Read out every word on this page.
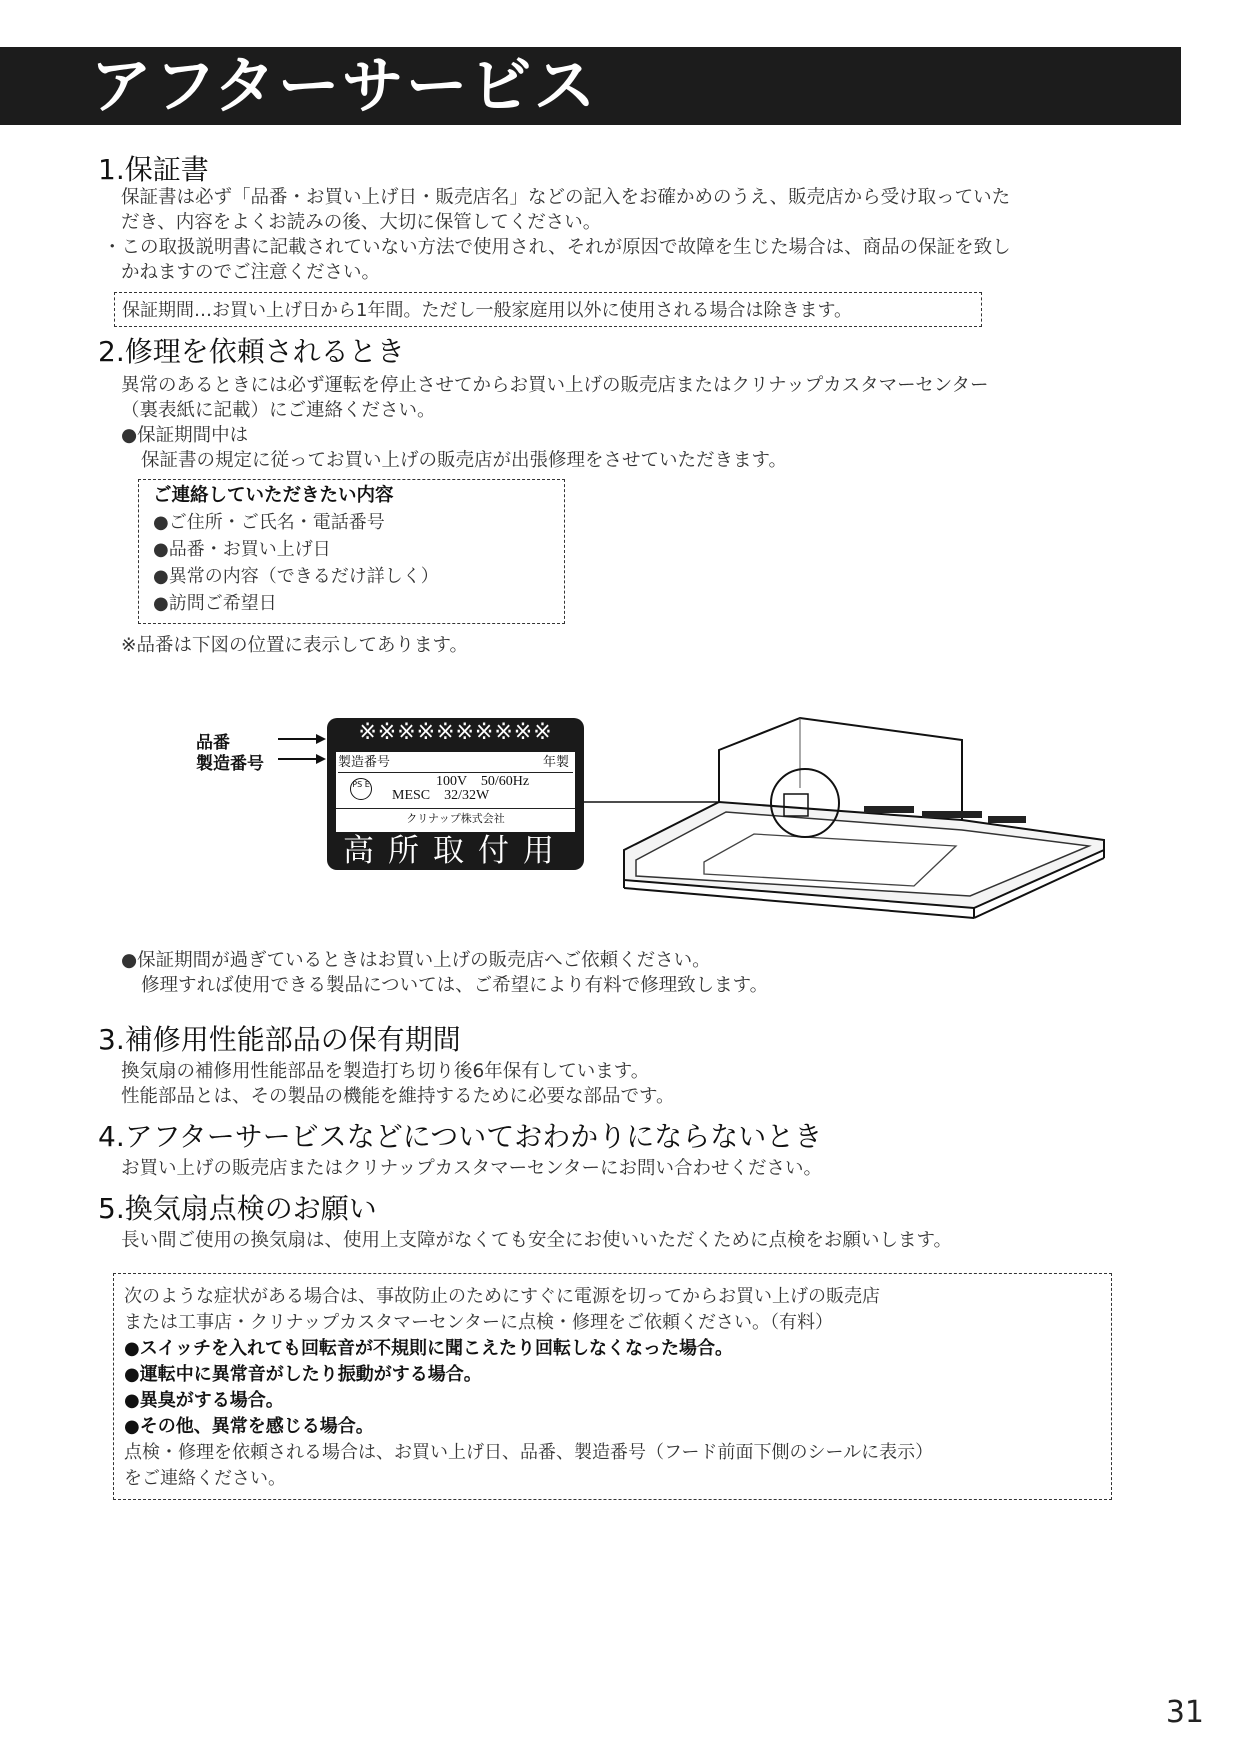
アフターサービス
1.保証書

保証書は必ず「品番・お買い上げ日・販売店名」などの記入をお確かめのうえ、販売店から受け取っていた

だき、内容をよくお読みの後、大切に保管してください。

・この取扱説明書に記載されていない方法で使用され、それが原因で故障を生じた場合は、商品の保証を致し

かねますのでご注意ください。

保証期間…お買い上げ日から1年間。ただし一般家庭用以外に使用される場合は除きます。
2.修理を依頼されるとき

異常のあるときには必ず運転を停止させてからお買い上げの販売店またはクリナップカスタマーセンター

（裏表紙に記載）にご連絡ください。

●保証期間中は

保証書の規定に従ってお買い上げの販売店が出張修理をさせていただきます。

ご連絡していただきたい内容
●ご住所・ご氏名・電話番号
●品番・お買い上げ日
●異常の内容（できるだけ詳しく）
●訪問ご希望日

※品番は下図の位置に表示してあります。

品番
製造番号
※※※※※※※※※※
製造番号	年製
PS E	100V　50/60Hz
MESC　32/32W
クリナップ株式会社
高所取付用

●保証期間が過ぎているときはお買い上げの販売店へご依頼ください。

修理すれば使用できる製品については、ご希望により有料で修理致します。

3.補修用性能部品の保有期間

換気扇の補修用性能部品を製造打ち切り後6年保有しています。

性能部品とは、その製品の機能を維持するために必要な部品です。

4.アフターサービスなどについておわかりにならないとき

お買い上げの販売店またはクリナップカスタマーセンターにお問い合わせください。

5.換気扇点検のお願い

長い間ご使用の換気扇は、使用上支障がなくても安全にお使いいただくために点検をお願いします。

次のような症状がある場合は、事故防止のためにすぐに電源を切ってからお買い上げの販売店
または工事店・クリナップカスタマーセンターに点検・修理をご依頼ください。（有料）
●スイッチを入れても回転音が不規則に聞こえたり回転しなくなった場合。
●運転中に異常音がしたり振動がする場合。
●異臭がする場合。
●その他、異常を感じる場合。
点検・修理を依頼される場合は、お買い上げ日、品番、製造番号（フード前面下側のシールに表示）
をご連絡ください。
31
